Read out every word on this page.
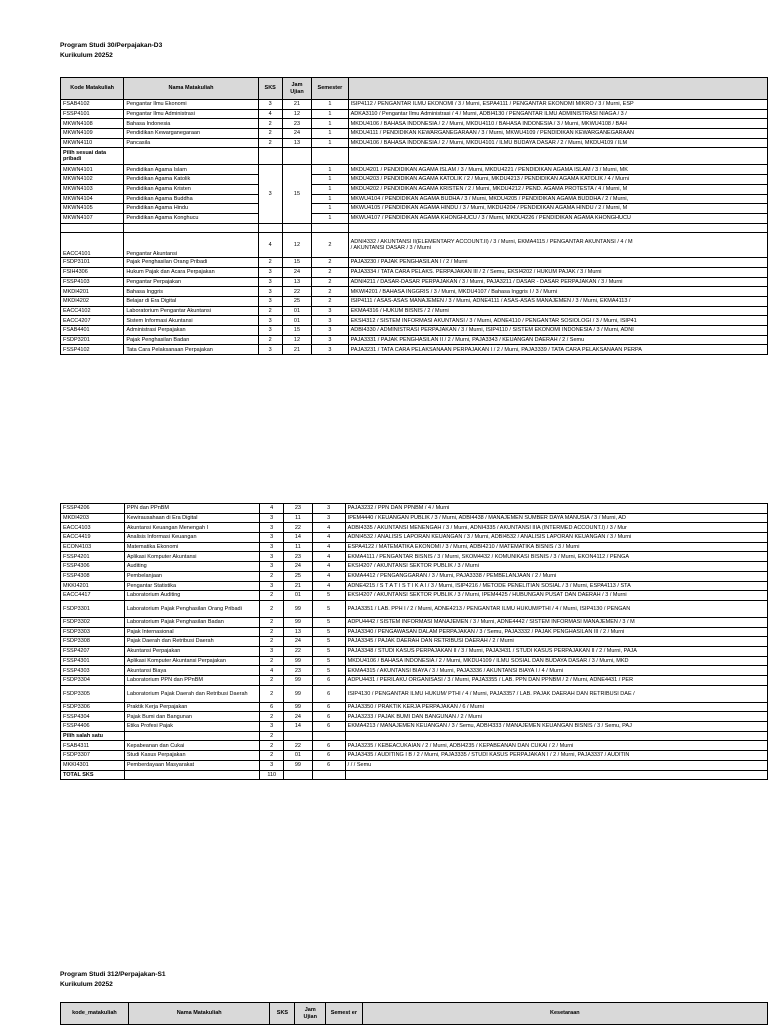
Program Studi 30/Perpajakan-D3
Kurikulum 20252
Kode Matakuliah	Nama Matakuliah	SKS	Jam Ujian	Semester	
FSAB4102	Pengantar Ilmu Ekonomi	3	21	1	ISIP4112 / PENGANTAR ILMU EKONOMI / 3 / Murni, ESPA4111 / PENGANTAR EKONOMI MIKRO / 3 / Murni, ESP
FSSP4101	Pengantar Ilmu Administrasi	4	12	1	ADKA3110 / Pengantar Ilmu Administrasi / 4 / Murni, ADBI4130 / PENGANTAR ILMU ADMINISTRASI NIAGA / 3 /
MKWN4108	Bahasa Indonesia	2	23	1	MKDU4106 / BAHASA INDONESIA / 2 / Murni, MKDU4110 / BAHASA INDONESIA / 3 / Murni, MKWU4108 / BAH
MKWN4109	Pendidikan Kewarganegaraan	2	24	1	MKDU4111 / PENDIDIKAN KEWARGANEGARAAN / 3 / Murni, MKWU4109 / PENDIDIKAN KEWARGANEGARAAN
MKWN4110	Pancasila	2	13	1	MKDU4106 / BAHASA INDONESIA / 2 / Murni, MKDU4101 / ILMU BUDAYA DASAR / 2 / Murni, MKDU4109 / ILM
Pilih sesuai data pribadi					
MKWN4101	Pendidikan Agama Islam	3	15	1	MKDU4201 / PENDIDIKAN AGAMA ISLAM / 3 / Murni, MKDU4221 / PENDIDIKAN AGAMA ISLAM / 3 / Murni, MK
MKWN4102	Pendidikan Agama Katolik			1	MKDU4203 / PENDIDIKAN AGAMA KATOLIK / 2 / Murni, MKDU4213 / PENDIDIKAN AGAMA KATOLIK / 4 / Murni
MKWN4103	Pendidikan Agama Kristen			1	MKDU4202 / PENDIDIKAN AGAMA KRISTEN / 2 / Murni, MKDU4212 / PEND. AGAMA PROTESTA / 4 / Murni, M
MKWN4104	Pendidikan Agama Buddha			1	MKWU4104 / PENDIDIKAN AGAMA BUDHA / 3 / Murni, MKDU4205 / PENDIDIKAN AGAMA BUDDHA / 2 / Murni,
MKWN4105	Pendidikan Agama Hindu			1	MKWU4105 / PENDIDIKAN AGAMA HINDU / 3 / Murni, MKDU4204 / PENDIDIKAN AGAMA HINDU / 2 / Murni, M
MKWN4107	Pendidikan Agama Konghucu			1	MKWU4107 / PENDIDIKAN AGAMA KHONGHUCU / 3 / Murni, MKDU4226 / PENDIDIKAN AGAMA KHONGHUCU

EACC4101	Pengantar Akuntansi	4	12	2	ADNI4332 / AKUNTANSI II(ELEMENTARY ACCOUNT.II) / 3 / Murni, EKMA4115 / PENGANTAR AKUNTANSI / 4 / M
/ AKUNTANSI DASAR / 3 / Murni

FSDP3101	Pajak Penghasilan Orang Pribadi	2	15	2	PAJA3230 / PAJAK PENGHASILAN I / 2 / Murni
FSIH4306	Hukum Pajak dan Acara Perpajakan	3	24	2	PAJA3334 / TATA CARA PELAKS. PERPAJAKAN III / 2 / Semu, EKSI4202 / HUKUM PAJAK / 3 / Murni
FSSP4103	Pengantar Perpajakan	3	13	2	ADNI4211 / DASAR-DASAR PERPAJAKAN / 3 / Murni, PAJA3211 / DASAR - DASAR PERPAJAKAN / 3 / Murni
MKDI4201	Bahasa Inggris	3	22	2	MKWI4201 / BAHASA INGGRIS / 3 / Murni, MKDU4107 / Bahasa Inggris I / 3 / Murni
MKDI4202	Belajar di Era Digital	3	25	2	ISIP4111 / ASAS-ASAS MANAJEMEN / 3 / Murni, ADNE4111 / ASAS-ASAS MANAJEMEN / 3 / Murni, EKMA4113 /
EACC4102	Laboratorium Pengantar Akuntansi	2	01	3	EKMA4316 / HUKUM BISNIS / 2 / Murni
EACC4207	Sistem Informasi Akuntansi	3	01	3	EKSI4312 / SISTEM INFORMASI AKUNTANSI / 3 / Murni, ADNE4110 / PENGANTAR SOSIOLOGI / 3 / Murni, ISIP41
FSAB4401	Administrasi Perpajakan	3	15	3	ADBI4330 / ADMINISTRASI PERPAJAKAN / 3 / Murni, ISIP4110 / SISTEM EKONOMI INDONESIA / 3 / Murni, ADNI
FSDP3201	Pajak Penghasilan Badan	2	12	3	PAJA3331 / PAJAK PENGHASILAN II / 2 / Murni, PAJA3343 / KEUANGAN DAERAH / 2 / Semu
FSSP4102	Tata Cara Pelaksanaan Perpajakan	3	21	3	PAJA3231 / TATA CARA PELAKSANAAN PERPAJAKAN I / 2 / Murni, PAJA3339 / TATA CARA PELAKSANAAN PERPA
FSSP4206	PPN dan PPnBM	4	23	3	PAJA3232 / PPN DAN PPNBM / 4 / Murni
MKDI4203	Kewirausahaan di Era Digital	3	11	3	IPEM4440 / KEUANGAN PUBLIK / 3 / Murni, ADBI4438 / MANAJEMEN SUMBER DAYA MANUSIA / 3 / Murni, AD
EACC4103	Akuntansi Keuangan Menengah I	3	22	4	ADBI4335 / AKUNTANSI MENENGAH / 3 / Murni, ADNI4335 / AKUNTANSI IIIA (INTERMED ACCOUNT.I) / 3 / Mur
EACC4419	Analisis Informasi Keuangan	3	14	4	ADNI4532 / ANALISIS LAPORAN KEUANGAN / 3 / Murni, ADBI4532 / ANALISIS LAPORAN KEUANGAN / 3 / Murni
ECON4103	Matematika Ekonomi	3	11	4	ESPA4122 / MATEMATIKA EKONOMI / 3 / Murni, ADBI4210 / MATEMATIKA BISNIS / 3 / Murni
FSSP4201	Aplikasi Komputer Akuntansi	3	23	4	EKMA4111 / PENGANTAR BISNIS / 3 / Murni, SKOM4432 / KOMUNIKASI BISNIS / 3 / Murni, EKON4112 / PENGA
FSSP4306	Auditing	3	24	4	EKSI4207 / AKUNTANSI SEKTOR PUBLIK / 3 / Murni
FSSP4308	Pembelanjaan	2	25	4	EKMA4412 / PENGANGGARAN / 3 / Murni, PAJA3338 / PEMBELANJAAN / 2 / Murni
MKKI4201	Pengantar Statistika	3	21	4	ADNE4215 / S T A T I S T I K A I / 3 / Murni, ISIP4216 / METODE PENELITIAN SOSIAL / 3 / Murni, ESPA4113 / STA
EACC4417	Laboratorium Auditing	2	01	5	EKSI4207 / AKUNTANSI SEKTOR PUBLIK / 3 / Murni, IPEM4425 / HUBUNGAN PUSAT DAN DAERAH / 3 / Murni
FSDP3301	Laboratorium Pajak Penghasilan Orang Pribadi	2	99	5	PAJA3351 / LAB. PPH I / 2 / Murni, ADNE4213 / PENGANTAR ILMU HUKUM/PTHI / 4 / Murni, ISIP4130 / PENGAN
FSDP3302	Laboratorium Pajak Penghasilan Badan	2	99	5	ADPU4442 / SISTEM INFORMASI MANAJEMEN / 3 / Murni, ADNE4442 / SISTEM INFORMASI MANAJEMEN / 3 / M
FSDP3303	Pajak Internasional	2	13	5	PAJA3340 / PENGAWASAN DALAM PERPAJAKAN / 3 / Semu, PAJA3332 / PAJAK PENGHASILAN III / 2 / Murni
FSDP3308	Pajak Daerah dan Retribusi Daerah	2	24	5	PAJA3345 / PAJAK DAERAH DAN RETRIBUSI DAERAH / 2 / Murni
FSSP4207	Akuntansi Perpajakan	3	22	5	PAJA3348 / STUDI KASUS PERPAJAKAN II / 3 / Murni, PAJA3431 / STUDI KASUS PERPAJAKAN II / 2 / Murni, PAJA
FSSP4301	Aplikasi Komputer Akuntansi Perpajakan	2	99	5	MKDU4106 / BAHASA INDONESIA / 2 / Murni, MKDU4109 / ILMU SOSIAL DAN BUDAYA DASAR / 3 / Murni, MKD
FSSP4303	Akuntansi Biaya	4	23	5	EKMA4315 / AKUNTANSI BIAYA / 3 / Murni, PAJA3336 / AKUNTANSI BIAYA I / 4 / Murni
FSDP3304	Laboratorium PPN dan PPnBM	2	99	6	ADPU4431 / PERILAKU ORGANISASI / 3 / Murni, PAJA3355 / LAB. PPN DAN PPNBM / 2 / Murni, ADNE4431 / PER
FSDP3305	Laboratorium Pajak Daerah dan Retribusi Daerah	2	99	6	ISIP4130 / PENGANTAR ILMU HUKUM/ PTHI / 4 / Murni, PAJA3357 / LAB. PAJAK DAERAH DAN RETRIBUSI DAE /
FSDP3306	Praktik Kerja Perpajakan	6	99	6	PAJA3350 / PRAKTIK KERJA PERPAJAKAN / 6 / Murni
FSSP4304	Pajak Bumi dan Bangunan	2	24	6	PAJA3233 / PAJAK BUMI DAN BANGUNAN / 2 / Murni
FSSP4406	Etika Profesi Pajak	3	14	6	EKMA4213 / MANAJEMEN KEUANGAN / 3 / Semu, ADBI4333 / MANAJEMEN KEUANGAN BISNIS / 3 / Semu, PAJ
Pilih salah satu		2			
FSAB4311	Kepabeanan dan Cukai	2	22	6	PAJA3235 / KEBEACUKAIAN / 2 / Murni, ADBI4235 / KEPABEANAN DAN CUKAI / 2 / Murni
FSDP3307	Studi Kasus Perpajakan	2	01	6	PAJA3435 / AUDITING I B / 2 / Murni, PAJA3335 / STUDI KASUS PERPAJAKAN I / 2 / Murni, PAJA3337 / AUDITIN
MKKI4301	Pemberdayaan Masyarakat	3	99	6	/ / / Semu
TOTAL SKS		110			
Program Studi 312/Perpajakan-S1
Kurikulum 20252
kode_matakuliah	Nama Matakuliah	SKS	Jam Ujian	Semest er	Kesetaraan
